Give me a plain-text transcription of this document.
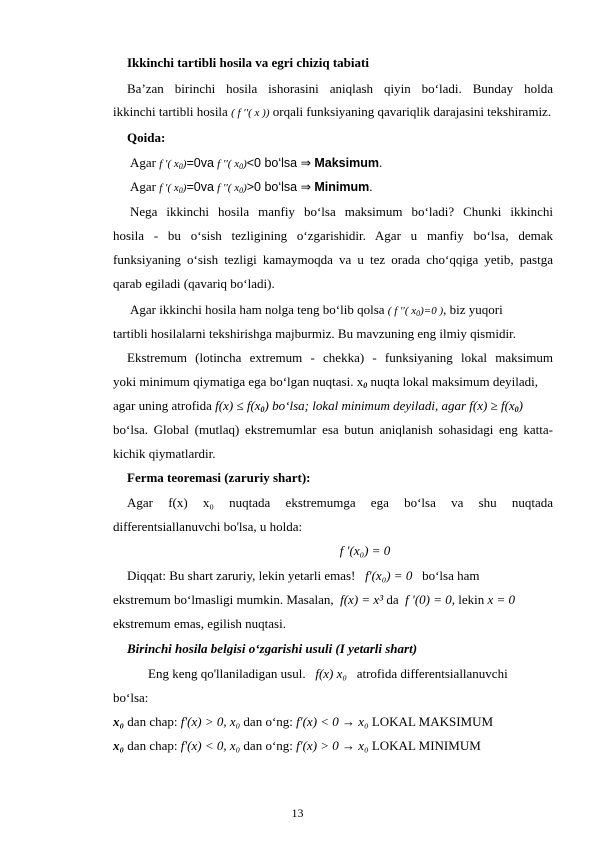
Ikkinchi tartibli hosila va egri chiziq tabiati
Ba’zan birinchi hosila ishorasini aniqlash qiyin bo‘ladi. Bunday holda
ikkinchi tartibli hosila ( f ′′( x )) orqali funksiyaning qavariqlik darajasini tekshiramiz.
Qoida:
Agar f ′( $x_0)=0va$ f ′′( $x_0)<0$ bo‘lsa ⇒ Maksimum.
Agar f ′( $x_0)=0va$ f ′′( $x_0)>0$ bo‘lsa ⇒ Minimum.
Nega ikkinchi hosila manfiy bo‘lsa maksimum bo‘ladi? Chunki ikkinchi
hosila - bu o‘sish tezligining o‘zgarishidir. Agar u manfiy bo‘lsa, demak
funksiyaning o‘sish tezligi kamaymoqda va u tez orada cho‘qqiga yetib, pastga
qarab egiladi (qavariq bo‘ladi).
Agar ikkinchi hosila ham nolga teng bo‘lib qolsa ( f ′′( $x_0)=0$ ), biz yuqori
tartibli hosilalarni tekshirishga majburmiz. Bu mavzuning eng ilmiy qismidir.
Ekstremum (lotincha extremum - chekka) - funksiyaning lokal maksimum
yoki minimum qiymatiga ega bo‘lgan nuqtasi. $x_0$ nuqta lokal maksimum deyiladi,
agar uning atrofida $f(x) \le f(x_0)$ bo‘lsa; lokal minimum deyiladi, agar $f(x) \ge f(x_0)$
bo‘lsa. Global (mutlaq) ekstremumlar esa butun aniqlanish sohasidagi eng katta-
kichik qiymatlardir.
Ferma teoremasi (zaruriy shart):
Agar f(x) x₀ nuqtada ekstremumga ega bo‘lsa va shu nuqtada
differentsiallanuvchi bo'lsa, u holda:
f ′(x₀) = 0
Diqqat: Bu shart zaruriy, lekin yetarli emas! f′(x₀) = 0 bo‘lsa ham
ekstremum bo‘lmasligi mumkin. Masalan, f(x) = x³ da f ′(0) = 0, lekin x = 0
ekstremum emas, egilish nuqtasi.
Birinchi hosila belgisi o‘zgarishi usuli (I yetarli shart)
Eng keng qo'llaniladigan usul. f(x) x₀ atrofida differentsiallanuvchi
bo‘lsa:
x₀ dan chap: f′(x) > 0, x₀ dan o‘ng: f′(x) < 0 → x₀ LOKAL MAKSIMUM
x₀ dan chap: f′(x) < 0, x₀ dan o‘ng: f′(x) > 0 → x₀ LOKAL MINIMUM
13
